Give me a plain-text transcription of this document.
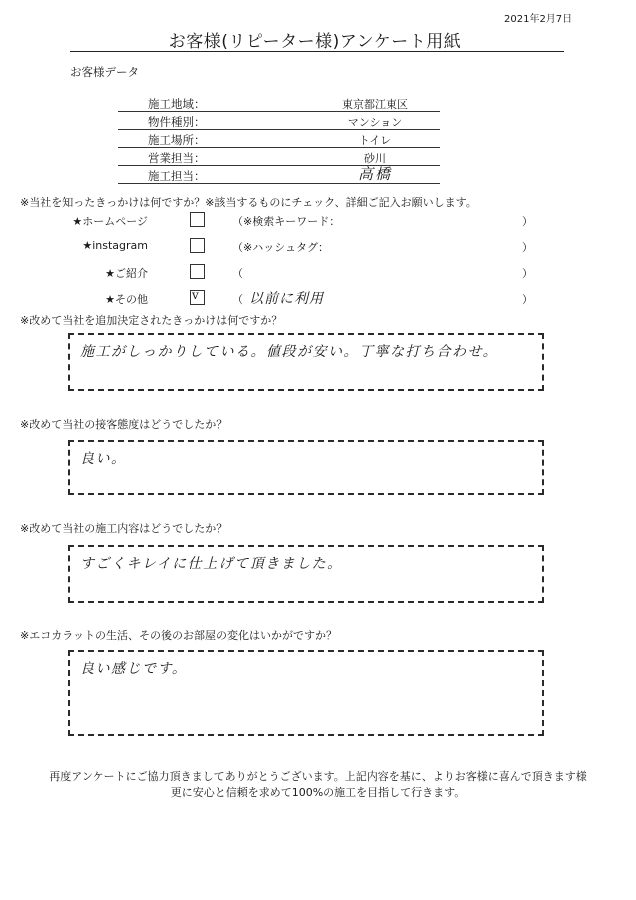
2021年2月7日
お客様(リピーター様)アンケート用紙
お客様データ
施工地域：	東京都江東区
物件種別：	マンション
施工場所：	トイレ
営業担当：	砂川
施工担当：	高橋
※当社を知ったきっかけは何ですか？※該当するものにチェック、詳細ご記入お願いします。
★ホームページ	（※検索キーワード：	）
★instagram	（※ハッシュタグ：	）
★ご紹介	（	）
★その他	v	（ 以前に利用	）
※改めて当社を追加決定されたきっかけは何ですか？
施工がしっかりしている。値段が安い。丁寧な打ち合わせ。
※改めて当社の接客態度はどうでしたか？
良い。
※改めて当社の施工内容はどうでしたか？
すごくキレイに仕上げて頂きました。
※エコカラットの生活、その後のお部屋の変化はいかがですか？
良い感じです。
再度アンケートにご協力頂きましてありがとうございます。上記内容を基に、よりお客様に喜んで頂きます様
更に安心と信頼を求めて100%の施工を目指して行きます。
